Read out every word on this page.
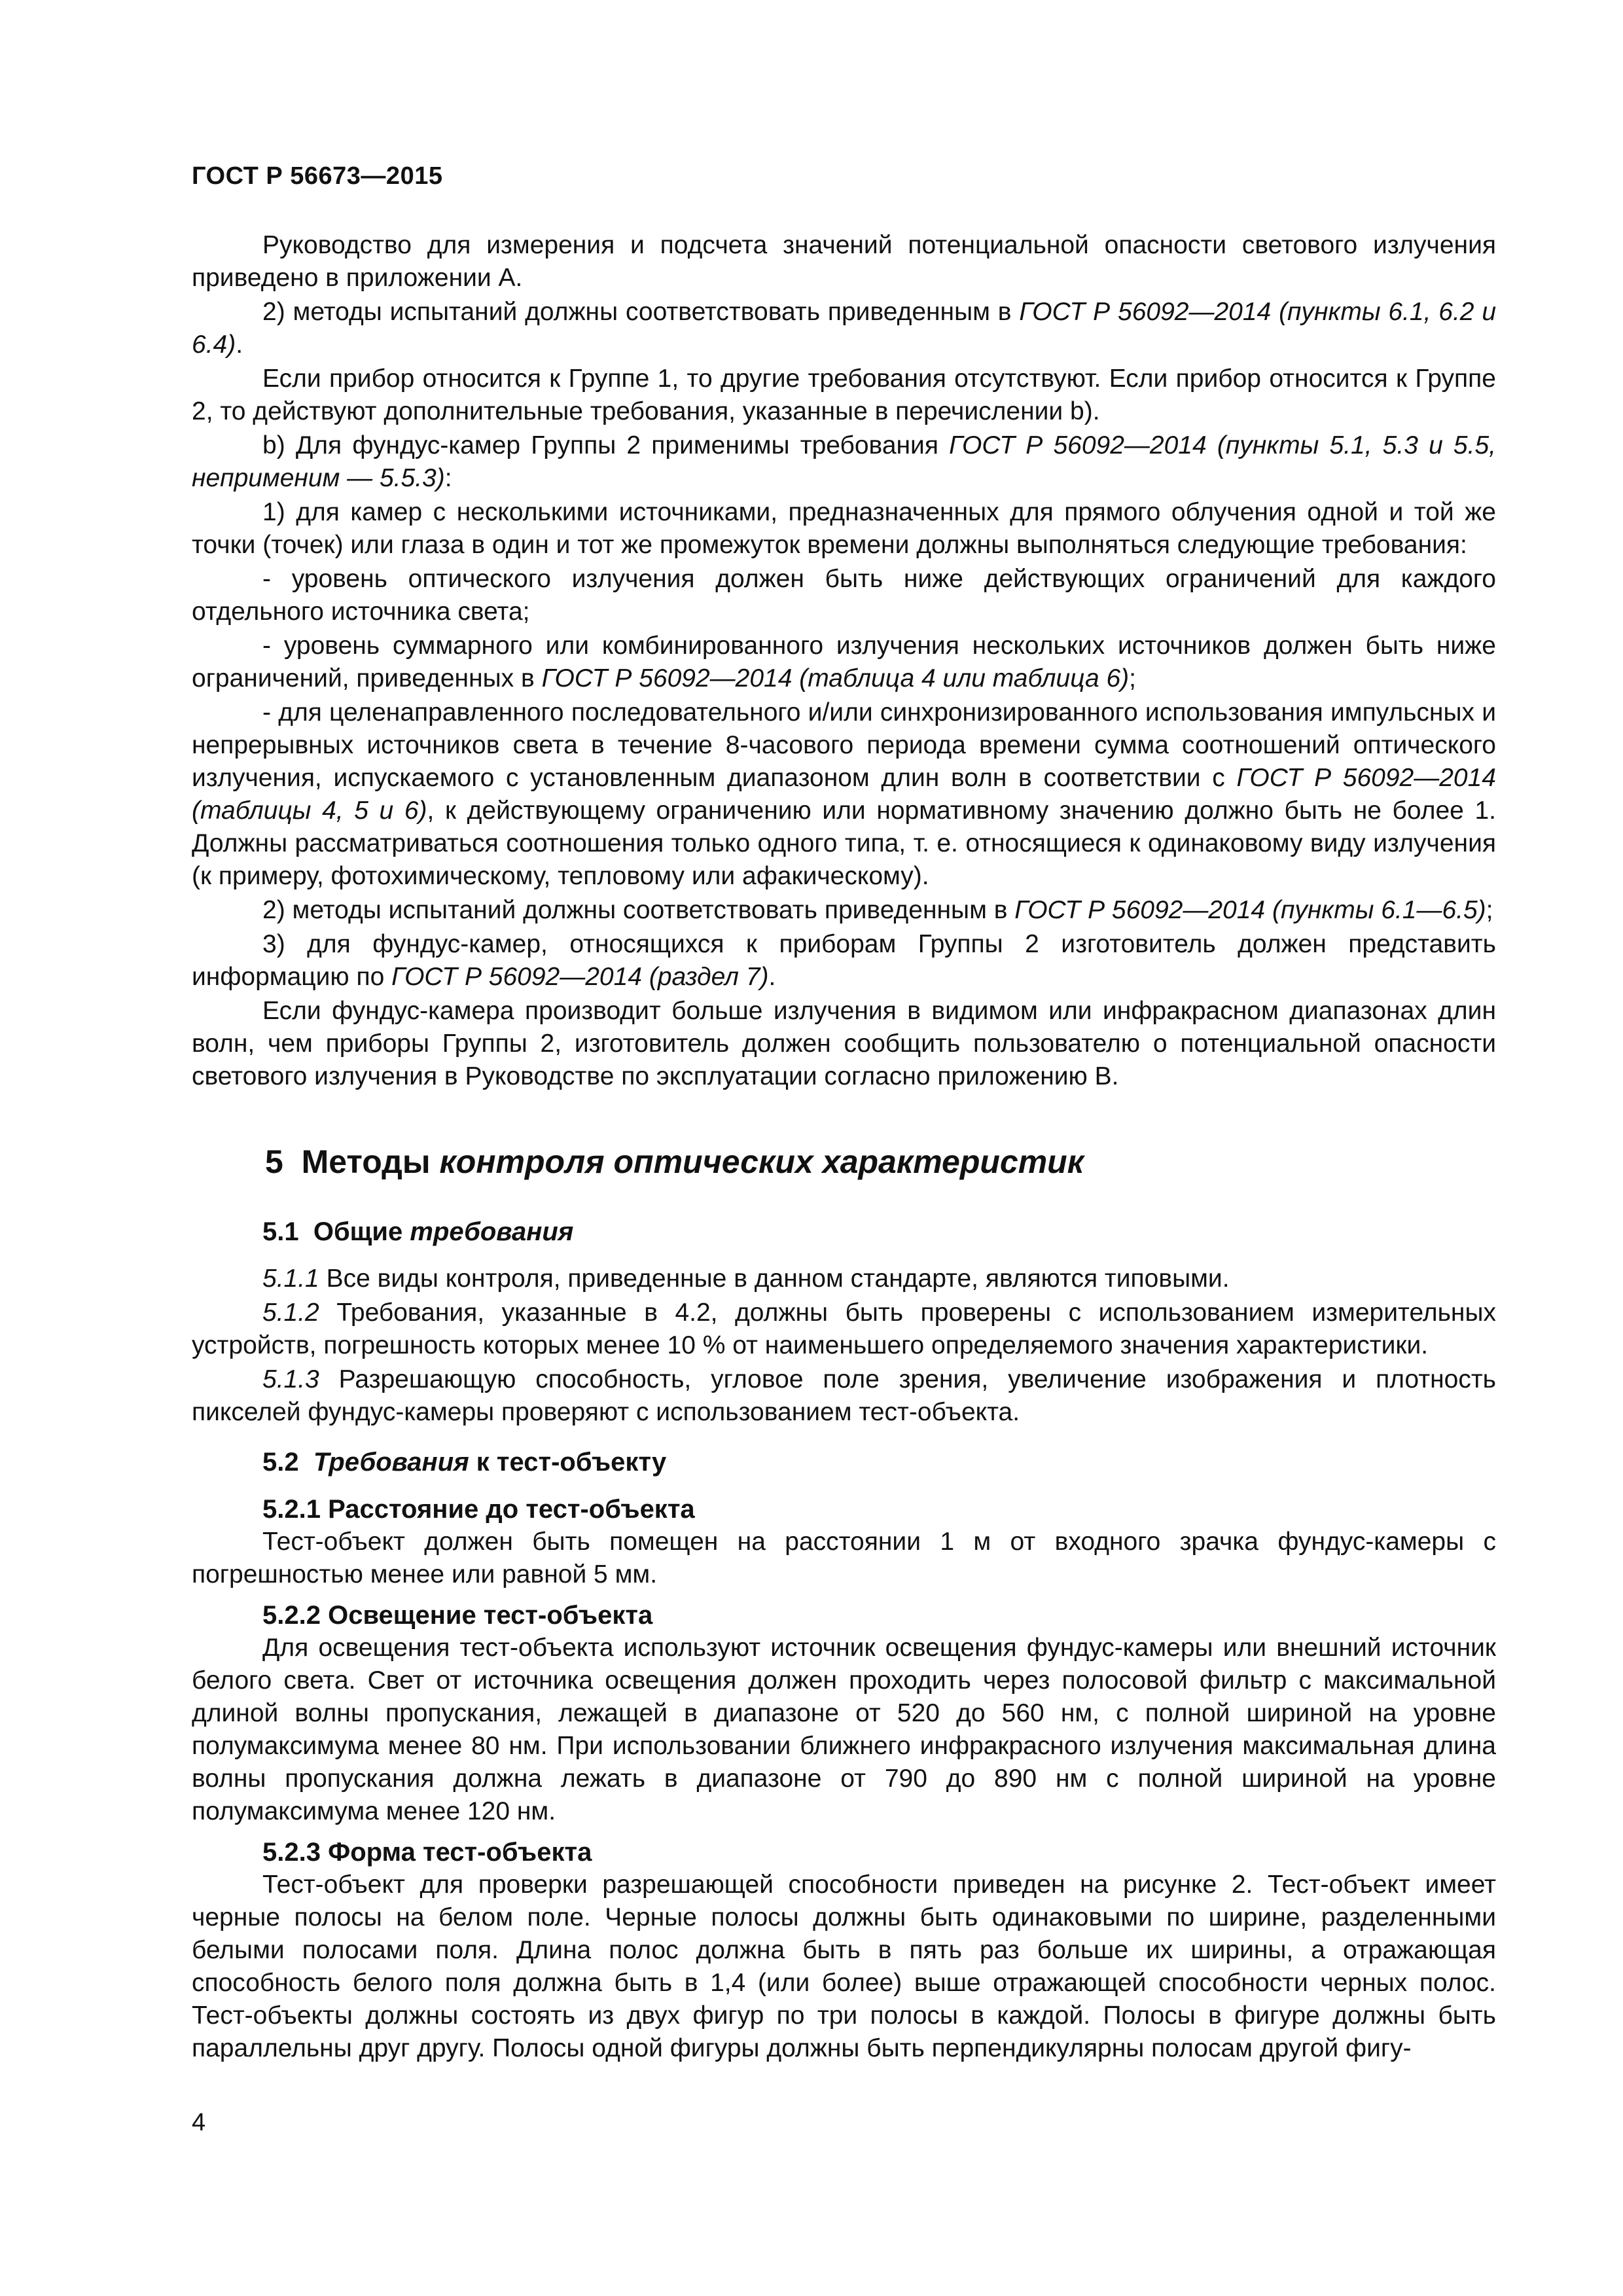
ГОСТ Р 56673—2015

Руководство для измерения и подсчета значений потенциальной опасности светового излучения приведено в приложении А.

2) методы испытаний должны соответствовать приведенным в ГОСТ Р 56092—2014 (пункты 6.1, 6.2 и 6.4).

Если прибор относится к Группе 1, то другие требования отсутствуют. Если прибор относится к Группе 2, то действуют дополнительные требования, указанные в перечислении b).

b) Для фундус-камер Группы 2 применимы требования ГОСТ Р 56092—2014 (пункты 5.1, 5.3 и 5.5, неприменим — 5.5.3):

1) для камер с несколькими источниками, предназначенных для прямого облучения одной и той же точки (точек) или глаза в один и тот же промежуток времени должны выполняться следующие требования:

- уровень оптического излучения должен быть ниже действующих ограничений для каждого отдельного источника света;

- уровень суммарного или комбинированного излучения нескольких источников должен быть ниже ограничений, приведенных в ГОСТ Р 56092—2014 (таблица 4 или таблица 6);

- для целенаправленного последовательного и/или синхронизированного использования импульсных и непрерывных источников света в течение 8-часового периода времени сумма соотношений оптического излучения, испускаемого с установленным диапазоном длин волн в соответствии с ГОСТ Р 56092—2014 (таблицы 4, 5 и 6), к действующему ограничению или нормативному значению должно быть не более 1. Должны рассматриваться соотношения только одного типа, т. е. относящиеся к одинаковому виду излучения (к примеру, фотохимическому, тепловому или афакическому).

2) методы испытаний должны соответствовать приведенным в ГОСТ Р 56092—2014 (пункты 6.1—6.5);

3) для фундус-камер, относящихся к приборам Группы 2 изготовитель должен представить информацию по ГОСТ Р 56092—2014 (раздел 7).

Если фундус-камера производит больше излучения в видимом или инфракрасном диапазонах длин волн, чем приборы Группы 2, изготовитель должен сообщить пользователю о потенциальной опасности светового излучения в Руководстве по эксплуатации согласно приложению В.

5 Методы контроля оптических характеристик
5.1 Общие требования

5.1.1 Все виды контроля, приведенные в данном стандарте, являются типовыми.

5.1.2 Требования, указанные в 4.2, должны быть проверены с использованием измерительных устройств, погрешность которых менее 10 % от наименьшего определяемого значения характеристики.

5.1.3 Разрешающую способность, угловое поле зрения, увеличение изображения и плотность пикселей фундус-камеры проверяют с использованием тест-объекта.

5.2 Требования к тест-объекту
5.2.1 Расстояние до тест-объекта

Тест-объект должен быть помещен на расстоянии 1 м от входного зрачка фундус-камеры с погрешностью менее или равной 5 мм.

5.2.2 Освещение тест-объекта

Для освещения тест-объекта используют источник освещения фундус-камеры или внешний источник белого света. Свет от источника освещения должен проходить через полосовой фильтр с максимальной длиной волны пропускания, лежащей в диапазоне от 520 до 560 нм, с полной шириной на уровне полумаксимума менее 80 нм. При использовании ближнего инфракрасного излучения максимальная длина волны пропускания должна лежать в диапазоне от 790 до 890 нм с полной шириной на уровне полумаксимума менее 120 нм.

5.2.3 Форма тест-объекта

Тест-объект для проверки разрешающей способности приведен на рисунке 2. Тест-объект имеет черные полосы на белом поле. Черные полосы должны быть одинаковыми по ширине, разделенными белыми полосами поля. Длина полос должна быть в пять раз больше их ширины, а отражающая способность белого поля должна быть в 1,4 (или более) выше отражающей способности черных полос. Тест-объекты должны состоять из двух фигур по три полосы в каждой. Полосы в фигуре должны быть параллельны друг другу. Полосы одной фигуры должны быть перпендикулярны полосам другой фигу-

4
